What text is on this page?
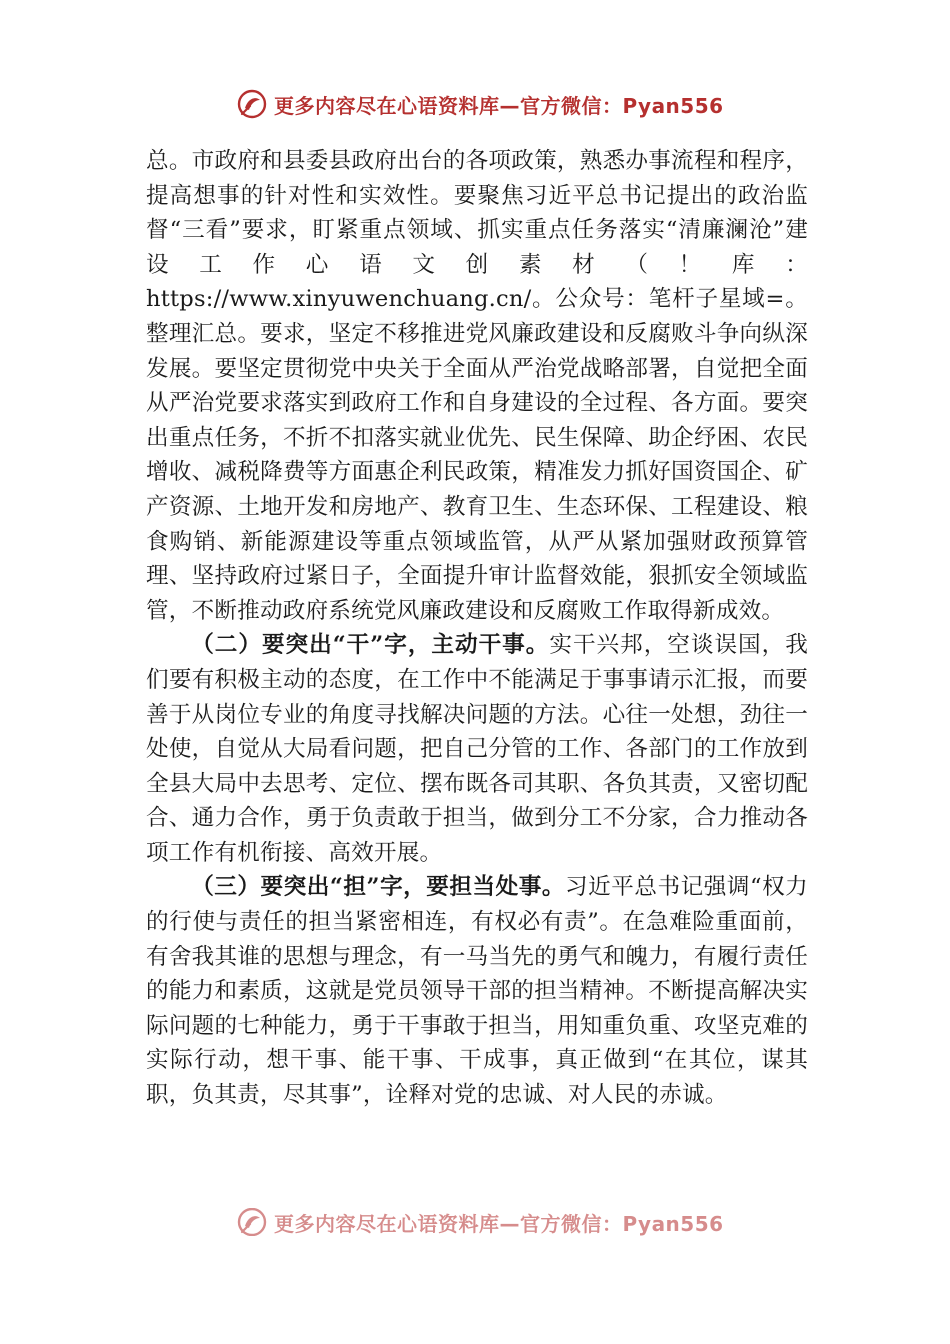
更多内容尽在心语资料库—官方微信：Pyan556

总。市政府和县委县政府出台的各项政策，熟悉办事流程和程序，提高想事的针对性和实效性。要聚焦习近平总书记提出的政治监督“三看”要求，盯紧重点领域、抓实重点任务落实“清廉澜沧”建设工作心语文创素材（！库：https://www.xinyuwenchuang.cn/。公众号：笔杆子星域=。整理汇总。要求，坚定不移推进党风廉政建设和反腐败斗争向纵深发展。要坚定贯彻党中央关于全面从严治党战略部署，自觉把全面从严治党要求落实到政府工作和自身建设的全过程、各方面。要突出重点任务，不折不扣落实就业优先、民生保障、助企纾困、农民增收、减税降费等方面惠企利民政策，精准发力抓好国资国企、矿产资源、土地开发和房地产、教育卫生、生态环保、工程建设、粮食购销、新能源建设等重点领域监管，从严从紧加强财政预算管理、坚持政府过紧日子，全面提升审计监督效能，狠抓安全领域监管，不断推动政府系统党风廉政建设和反腐败工作取得新成效。

（二）要突出“干”字，主动干事。实干兴邦，空谈误国，我们要有积极主动的态度，在工作中不能满足于事事请示汇报，而要善于从岗位专业的角度寻找解决问题的方法。心往一处想，劲往一处使，自觉从大局看问题，把自己分管的工作、各部门的工作放到全县大局中去思考、定位、摆布既各司其职、各负其责，又密切配合、通力合作，勇于负责敢于担当，做到分工不分家，合力推动各项工作有机衔接、高效开展。

（三）要突出“担”字，要担当处事。习近平总书记强调“权力的行使与责任的担当紧密相连，有权必有责”。在急难险重面前，有舍我其谁的思想与理念，有一马当先的勇气和魄力，有履行责任的能力和素质，这就是党员领导干部的担当精神。不断提高解决实际问题的七种能力，勇于干事敢于担当，用知重负重、攻坚克难的实际行动，想干事、能干事、干成事，真正做到“在其位，谋其职，负其责，尽其事”，诠释对党的忠诚、对人民的赤诚。

更多内容尽在心语资料库—官方微信：Pyan556
